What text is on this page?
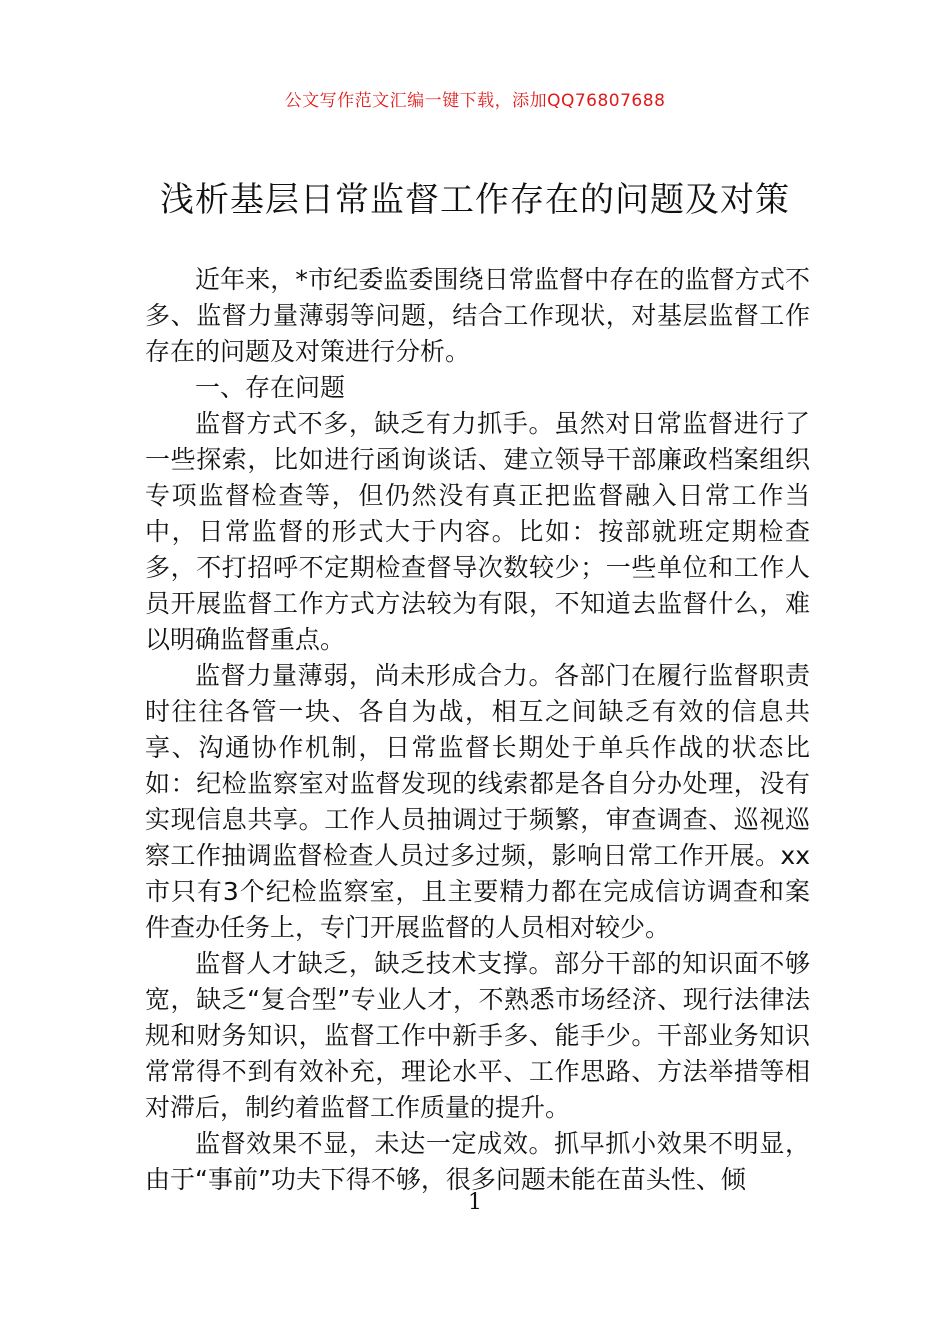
公文写作范文汇编一键下载，添加QQ76807688
浅析基层日常监督工作存在的问题及对策

近年来，*市纪委监委围绕日常监督中存在的监督方式不多、监督力量薄弱等问题，结合工作现状，对基层监督工作存在的问题及对策进行分析。

一、存在问题

监督方式不多，缺乏有力抓手。虽然对日常监督进行了一些探索，比如进行函询谈话、建立领导干部廉政档案组织专项监督检查等，但仍然没有真正把监督融入日常工作当中，日常监督的形式大于内容。比如：按部就班定期检查多，不打招呼不定期检查督导次数较少；一些单位和工作人员开展监督工作方式方法较为有限，不知道去监督什么，难以明确监督重点。

监督力量薄弱，尚未形成合力。各部门在履行监督职责时往往各管一块、各自为战，相互之间缺乏有效的信息共享、沟通协作机制，日常监督长期处于单兵作战的状态比如：纪检监察室对监督发现的线索都是各自分办处理，没有实现信息共享。工作人员抽调过于频繁，审查调查、巡视巡察工作抽调监督检查人员过多过频，影响日常工作开展。xx市只有3个纪检监察室，且主要精力都在完成信访调查和案件查办任务上，专门开展监督的人员相对较少。

监督人才缺乏，缺乏技术支撑。部分干部的知识面不够宽，缺乏“复合型”专业人才，不熟悉市场经济、现行法律法规和财务知识，监督工作中新手多、能手少。干部业务知识常常得不到有效补充，理论水平、工作思路、方法举措等相对滞后，制约着监督工作质量的提升。

监督效果不显，未达一定成效。抓早抓小效果不明显，由于“事前”功夫下得不够，很多问题未能在苗头性、倾

1
